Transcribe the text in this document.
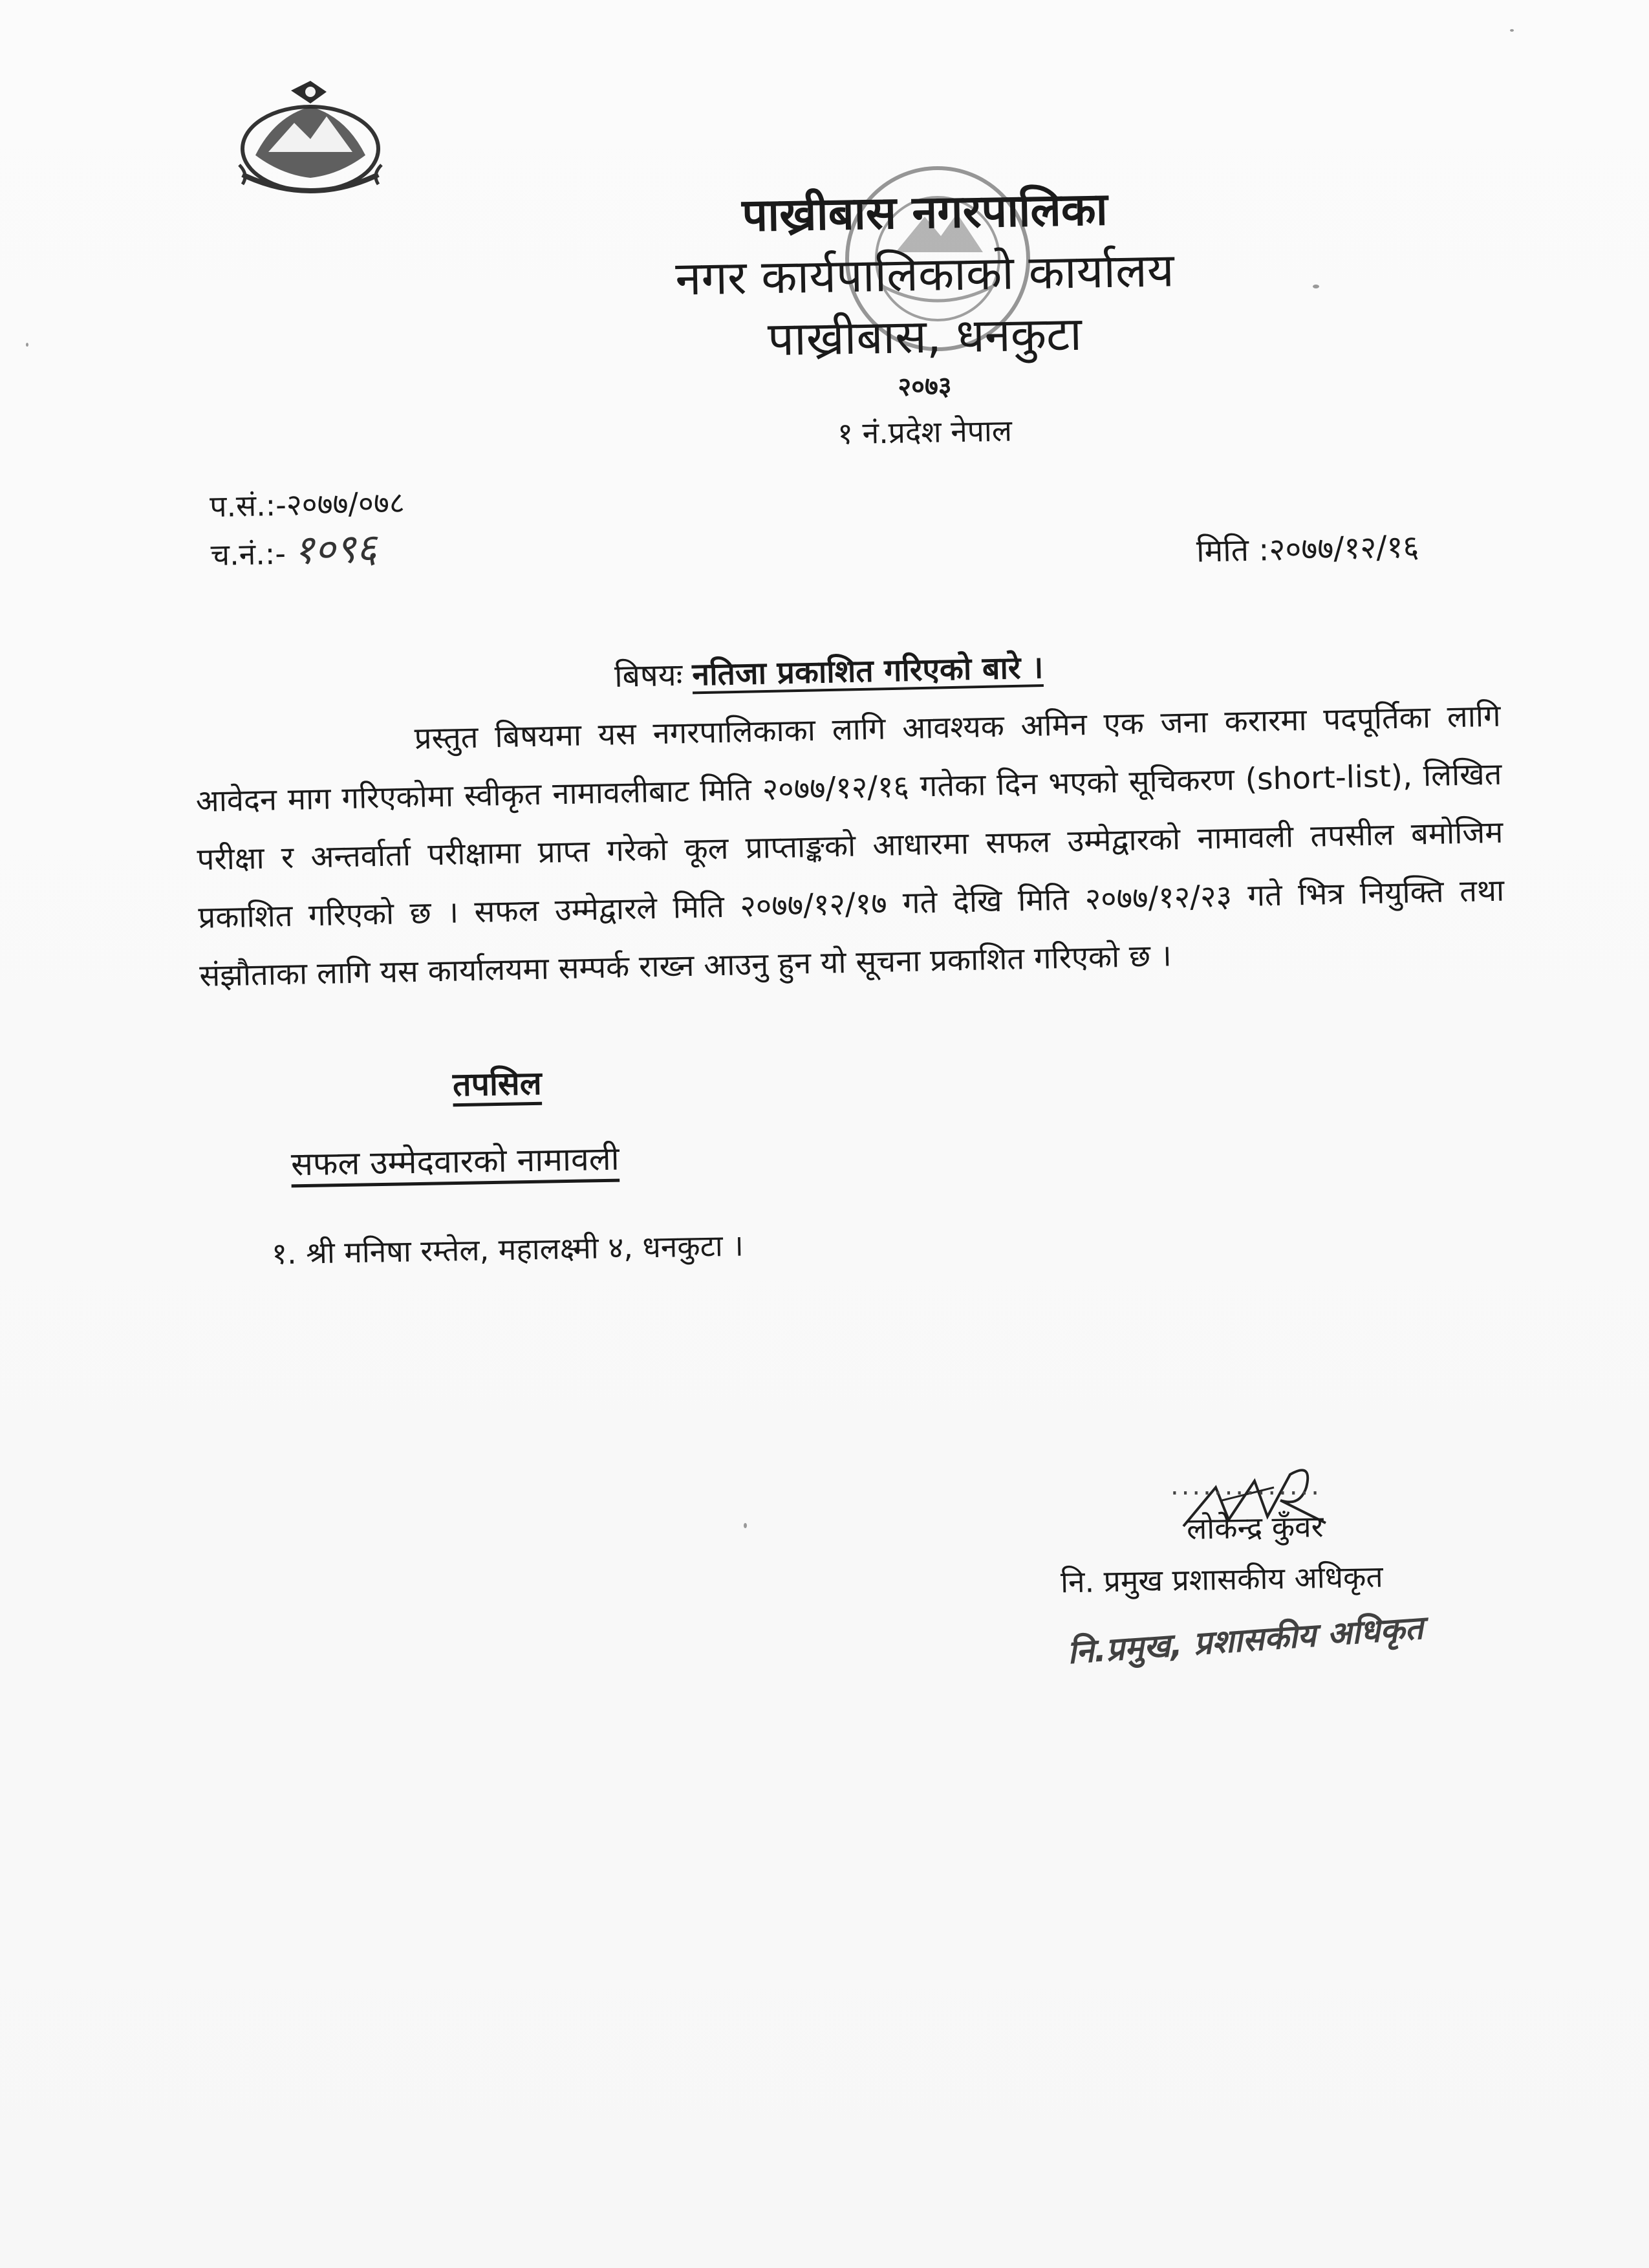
पाख्रीबास नगरपालिका
नगर कार्यपालिकाको कार्यालय
पाख्रीबास, धनकुटा
२०७३
१ नं.प्रदेश नेपाल
प.सं.:-२०७७/०७८
च.नं.:- १०९६	मिति :२०७७/१२/१६
बिषयः नतिजा प्रकाशित गरिएको बारे ।
प्रस्तुत बिषयमा यस नगरपालिकाका लागि आवश्यक अमिन एक जना करारमा पदपूर्तिका लागि आवेदन माग गरिएकोमा स्वीकृत नामावलीबाट मिति २०७७/१२/१६ गतेका दिन भएको सूचिकरण (short-list), लिखित परीक्षा र अन्तर्वार्ता परीक्षामा प्राप्त गरेको कूल प्राप्ताङ्कको आधारमा सफल उम्मेद्वारको नामावली तपसील बमोजिम प्रकाशित गरिएको छ । सफल उम्मेद्वारले मिति २०७७/१२/१७ गते देखि मिति २०७७/१२/२३ गते भित्र नियुक्ति तथा संझौताका लागि यस कार्यालयमा सम्पर्क राख्न आउनु हुन यो सूचना प्रकाशित गरिएको छ ।
तपसिल
सफल उम्मेदवारको नामावली
१. श्री मनिषा रम्तेल, महालक्ष्मी ४, धनकुटा ।
..............
लोकेन्द्र कुँवर
नि. प्रमुख प्रशासकीय अधिकृत
नि.प्रमुख, प्रशासकीय अधिकृत
